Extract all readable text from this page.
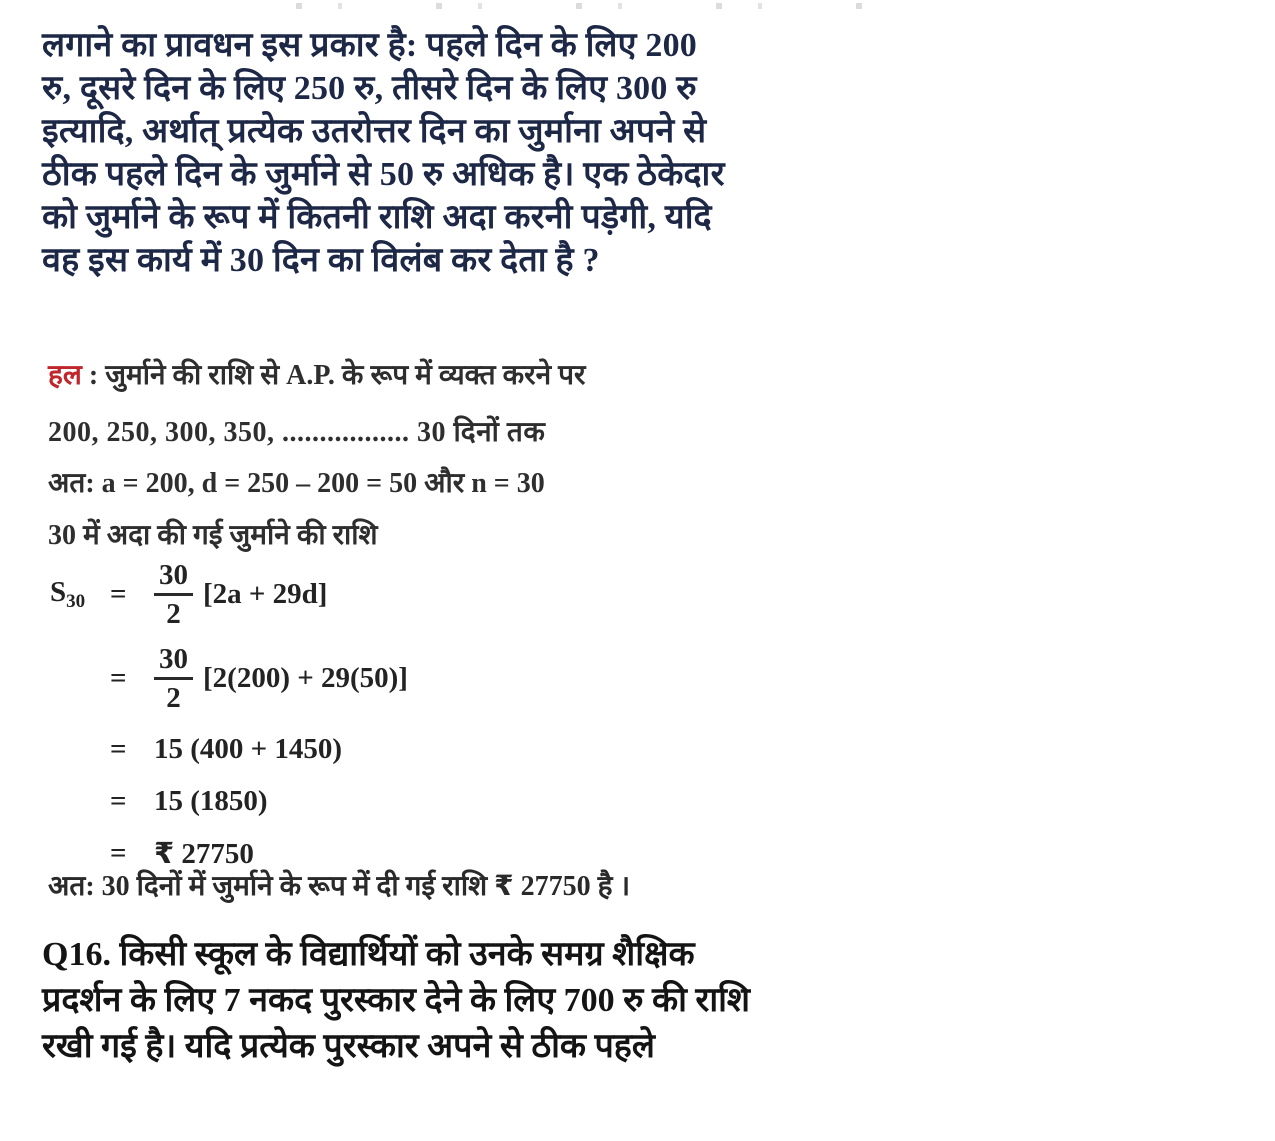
लगाने का प्रावधन इस प्रकार है: पहले दिन के लिए 200
रु, दूसरे दिन के लिए 250 रु, तीसरे दिन के लिए 300 रु
इत्यादि, अर्थात् प्रत्येक उतरोत्तर दिन का जुर्माना अपने से
ठीक पहले दिन के जुर्माने से 50 रु अधिक है। एक ठेकेदार
को जुर्माने के रूप में कितनी राशि अदा करनी पड़ेगी, यदि
वह इस कार्य में 30 दिन का विलंब कर देता है ?
हल : जुर्माने की राशि से A.P. के रूप में व्यक्त करने पर
200, 250, 300, 350, ................. 30 दिनों तक
अत: a = 200, d = 250 – 200 = 50 और n = 30
30 में अदा की गई जुर्माने की राशि
$S_{30} = \frac{30}{2} [2a + 29d]$
= $\frac{30}{2} [2(200) + 29(50)]$
= 15 (400 + 1450)
= 15 (1850)
= ₹ 27750
अत: 30 दिनों में जुर्माने के रूप में दी गई राशि ₹ 27750 है ।
Q16. किसी स्कूल के विद्यार्थियों को उनके समग्र शैक्षिक
प्रदर्शन के लिए 7 नकद पुरस्कार देने के लिए 700 रु की राशि
रखी गई है। यदि प्रत्येक पुरस्कार अपने से ठीक पहले
